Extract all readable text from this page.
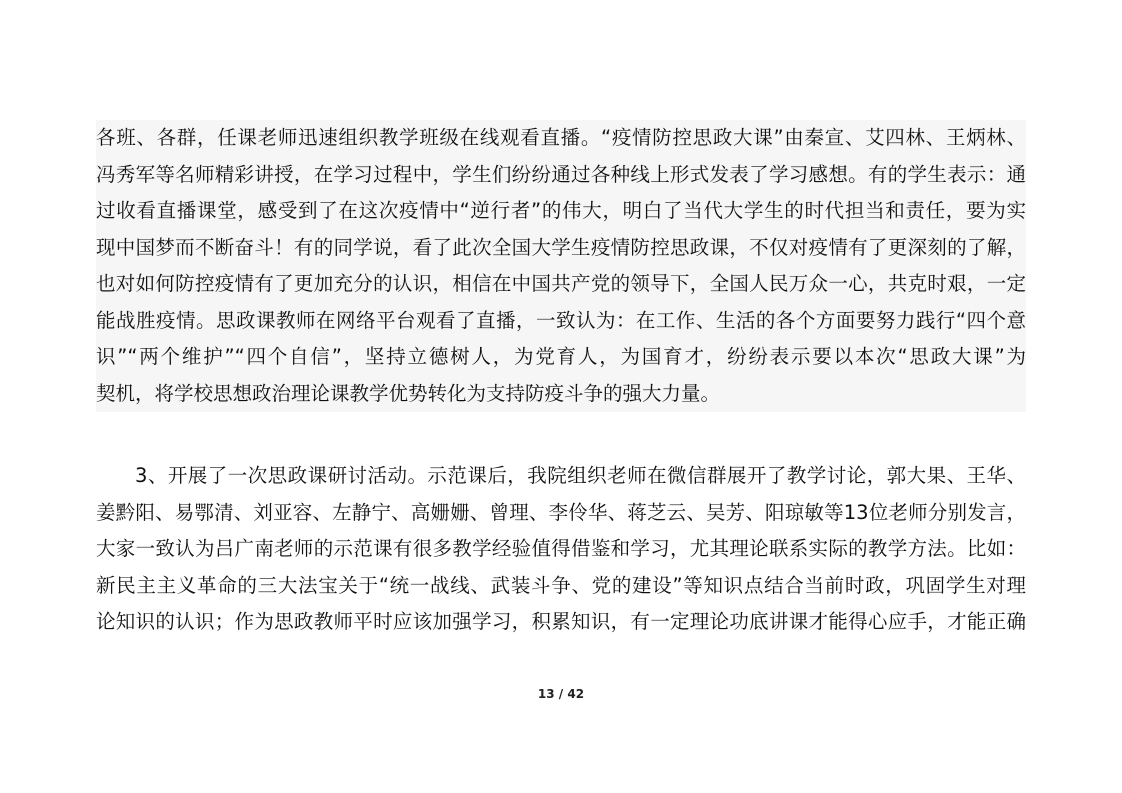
各班、各群，任课老师迅速组织教学班级在线观看直播。“疫情防控思政大课”由秦宣、艾四林、王炳林、
冯秀军等名师精彩讲授，在学习过程中，学生们纷纷通过各种线上形式发表了学习感想。有的学生表示：通
过收看直播课堂，感受到了在这次疫情中“逆行者”的伟大，明白了当代大学生的时代担当和责任，要为实
现中国梦而不断奋斗！有的同学说，看了此次全国大学生疫情防控思政课，不仅对疫情有了更深刻的了解，
也对如何防控疫情有了更加充分的认识，相信在中国共产党的领导下，全国人民万众一心，共克时艰，一定
能战胜疫情。思政课教师在网络平台观看了直播，一致认为：在工作、生活的各个方面要努力践行“四个意
识”“两个维护”“四个自信”，坚持立德树人，为党育人，为国育才，纷纷表示要以本次“思政大课”为
契机，将学校思想政治理论课教学优势转化为支持防疫斗争的强大力量。
3、开展了一次思政课研讨活动。示范课后，我院组织老师在微信群展开了教学讨论，郭大果、王华、
姜黔阳、易鄂清、刘亚容、左静宁、高姗姗、曾理、李伶华、蒋芝云、吴芳、阳琼敏等13位老师分别发言，
大家一致认为吕广南老师的示范课有很多教学经验值得借鉴和学习，尤其理论联系实际的教学方法。比如：
新民主主义革命的三大法宝关于“统一战线、武装斗争、党的建设”等知识点结合当前时政，巩固学生对理
论知识的认识；作为思政教师平时应该加强学习，积累知识，有一定理论功底讲课才能得心应手，才能正确
13 / 42
